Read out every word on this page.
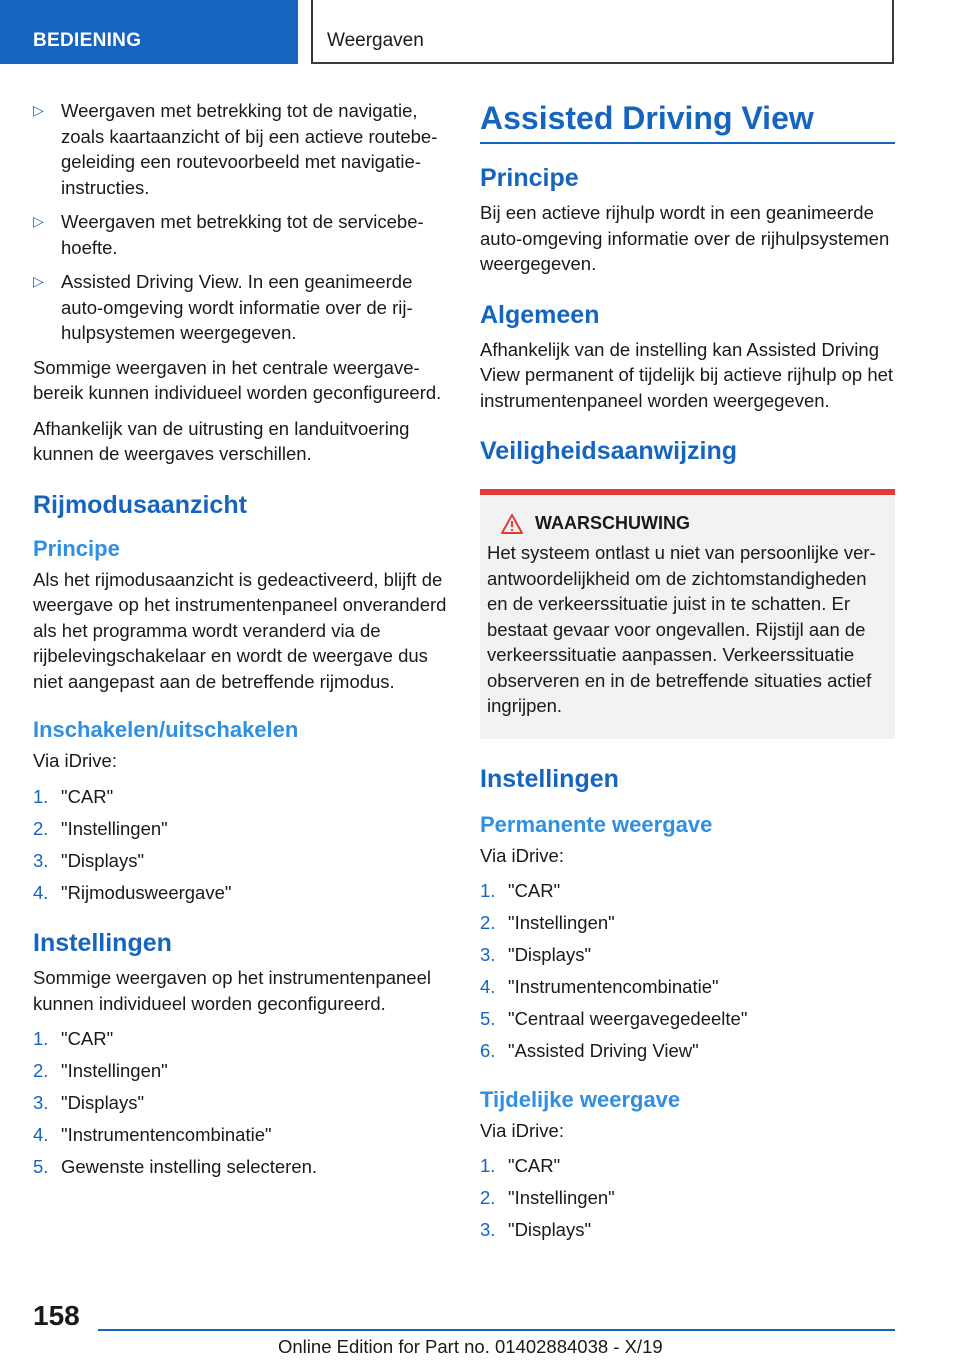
BEDIENING	Weergaven
▷ Weergaven met betrekking tot de navigatie, zoals kaartaanzicht of bij een actieve routebegeleiding een routevoorbeeld met navigatieinstructies.
▷ Weergaven met betrekking tot de servicebehoefte.
▷ Assisted Driving View. In een geanimeerde auto-omgeving wordt informatie over de rijhulpsystemen weergegeven.

Sommige weergaven in het centrale weergavebereik kunnen individueel worden geconfigureerd.

Afhankelijk van de uitrusting en landuitvoering kunnen de weergaves verschillen.

Rijmodusaanzicht
Principe

Als het rijmodusaanzicht is gedeactiveerd, blijft de weergave op het instrumentenpaneel onveranderd als het programma wordt veranderd via de rijbelevingschakelaar en wordt de weergave dus niet aangepast aan de betreffende rijmodus.

Inschakelen/uitschakelen

Via iDrive:

1. "CAR"
2. "Instellingen"
3. "Displays"
4. "Rijmodusweergave"
Instellingen

Sommige weergaven op het instrumentenpaneel kunnen individueel worden geconfigureerd.

1. "CAR"
2. "Instellingen"
3. "Displays"
4. "Instrumentencombinatie"
5. Gewenste instelling selecteren.
Assisted Driving View
Principe

Bij een actieve rijhulp wordt in een geanimeerde auto-omgeving informatie over de rijhulpsystemen weergegeven.

Algemeen

Afhankelijk van de instelling kan Assisted Driving View permanent of tijdelijk bij actieve rijhulp op het instrumentenpaneel worden weergegeven.

Veiligheidsaanwijzing
WAARSCHUWING

Het systeem ontlast u niet van persoonlijke verantwoordelijkheid om de zichtomstandigheden en de verkeerssituatie juist in te schatten. Er bestaat gevaar voor ongevallen. Rijstijl aan de verkeerssituatie aanpassen. Verkeerssituatie observeren en in de betreffende situaties actief ingrijpen.

Instellingen
Permanente weergave

Via iDrive:

1. "CAR"
2. "Instellingen"
3. "Displays"
4. "Instrumentencombinatie"
5. "Centraal weergavegedeelte"
6. "Assisted Driving View"
Tijdelijke weergave

Via iDrive:

1. "CAR"
2. "Instellingen"
3. "Displays"
158
Online Edition for Part no. 01402884038 - X/19
